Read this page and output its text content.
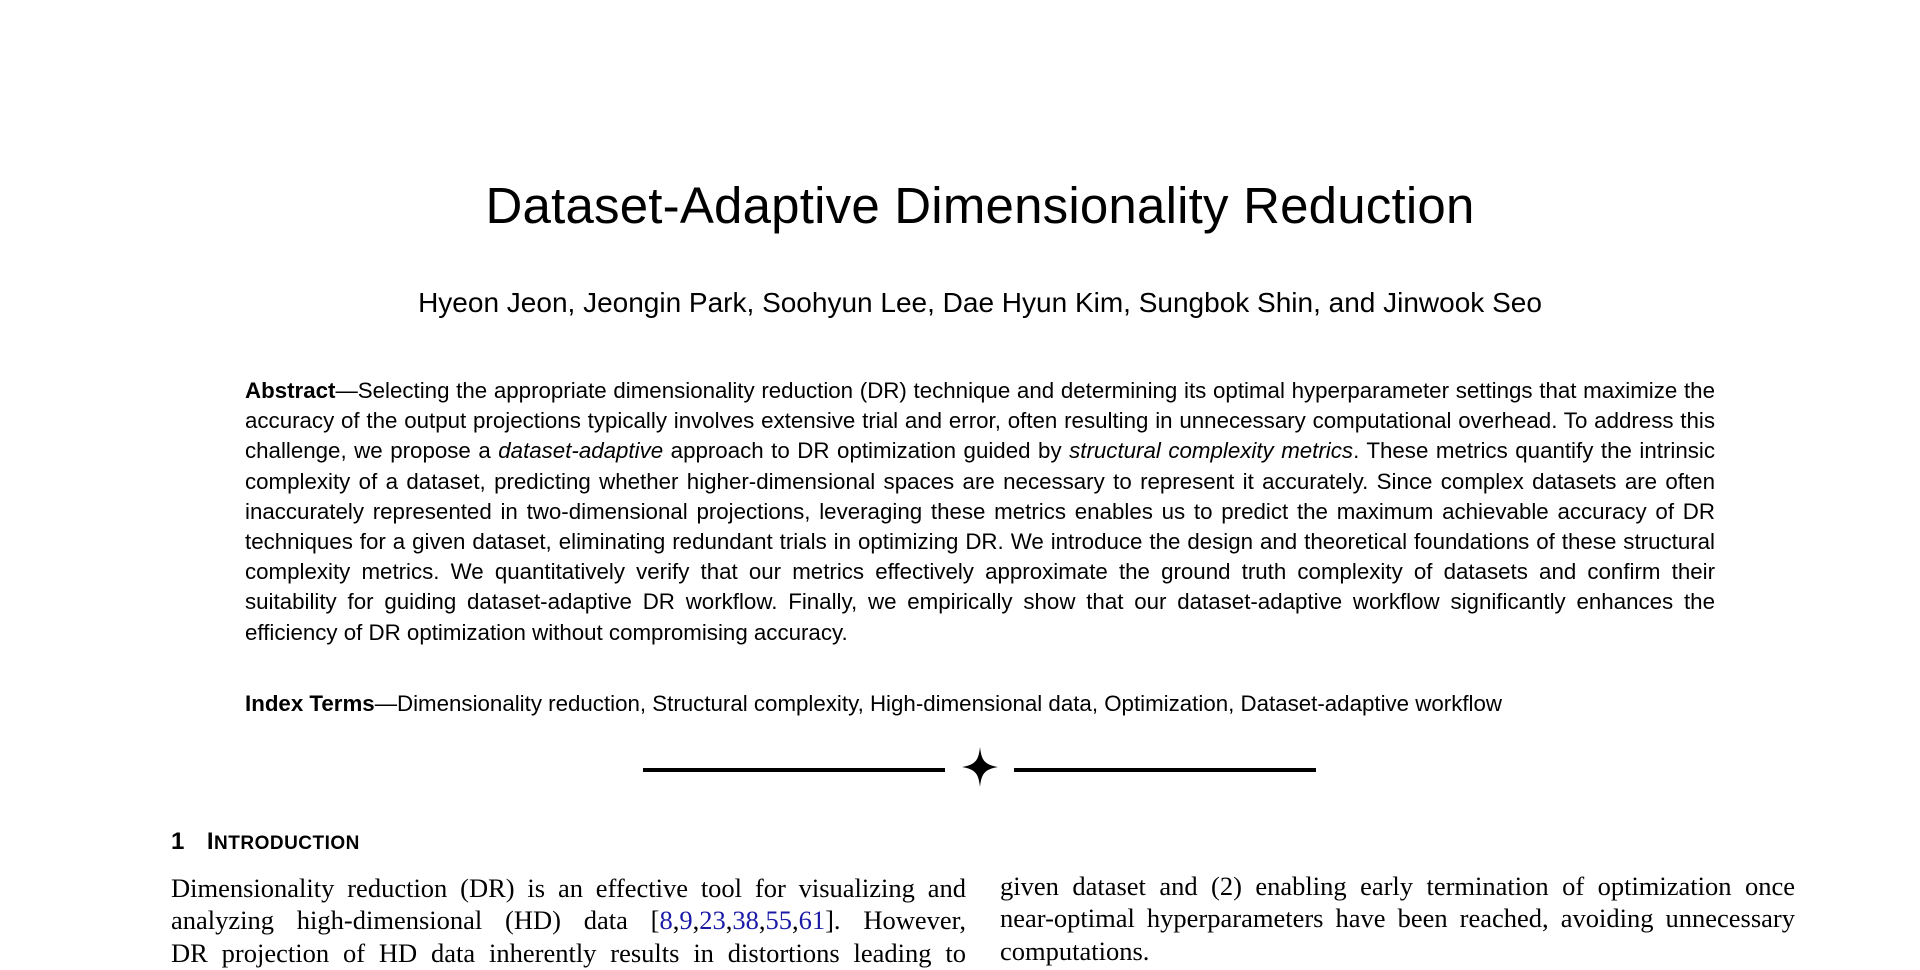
Dataset-Adaptive Dimensionality Reduction

Hyeon Jeon, Jeongin Park, Soohyun Lee, Dae Hyun Kim, Sungbok Shin, and Jinwook Seo

Abstract—Selecting the appropriate dimensionality reduction (DR) technique and determining its optimal hyperparameter settings that maximize the accuracy of the output projections typically involves extensive trial and error, often resulting in unnecessary computational overhead. To address this challenge, we propose a dataset-adaptive approach to DR optimization guided by structural complexity metrics. These metrics quantify the intrinsic complexity of a dataset, predicting whether higher-dimensional spaces are necessary to represent it accurately. Since complex datasets are often inaccurately represented in two-dimensional projections, leveraging these metrics enables us to predict the maximum achievable accuracy of DR techniques for a given dataset, eliminating redundant trials in optimizing DR. We introduce the design and theoretical foundations of these structural complexity metrics. We quantitatively verify that our metrics effectively approximate the ground truth complexity of datasets and confirm their suitability for guiding dataset-adaptive DR workflow. Finally, we empirically show that our dataset-adaptive workflow significantly enhances the efficiency of DR optimization without compromising accuracy.

Index Terms—Dimensionality reduction, Structural complexity, High-dimensional data, Optimization, Dataset-adaptive workflow

1 INTRODUCTION
Dimensionality reduction (DR) is an effective tool for visualizing and
analyzing high-dimensional (HD) data [8,9,23,38,55,61]. However,
DR projection of HD data inherently results in distortions leading to
given dataset and (2) enabling early termination of optimization once
near-optimal hyperparameters have been reached, avoiding unnecessary
computations.
